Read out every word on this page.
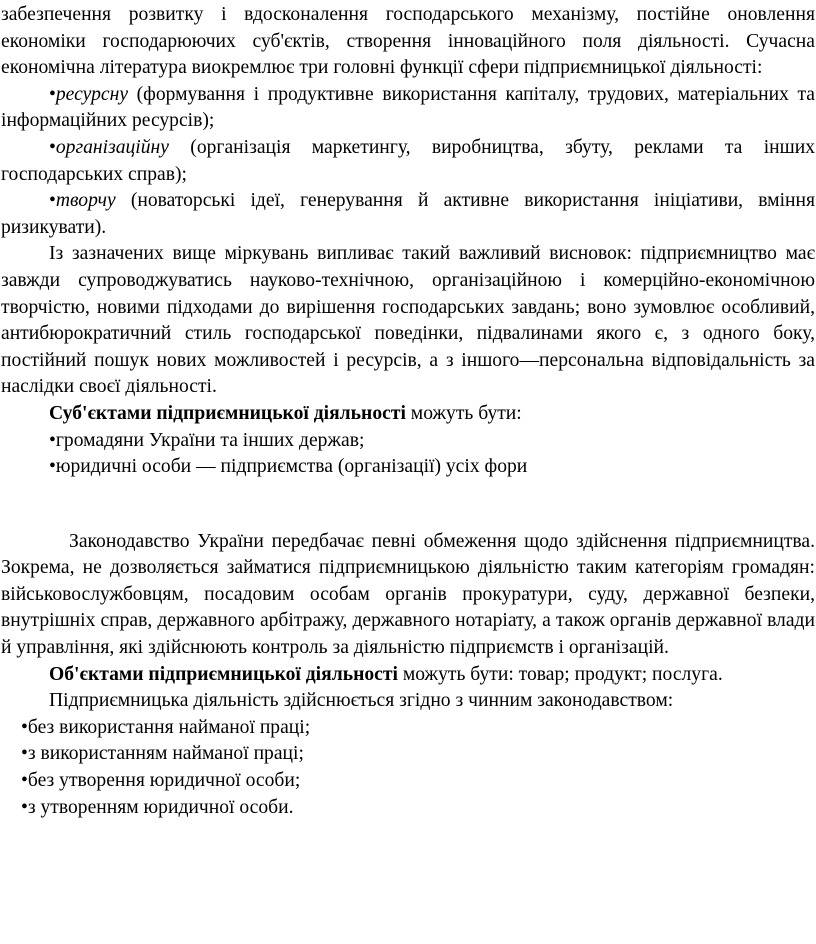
забезпечення розвитку і вдосконалення господарського механізму, постійне оновлення економіки господарюючих суб'єктів, створення інноваційного поля діяльності. Сучасна економічна література виокремлює три головні функції сфери підприємницької діяльності:

•ресурсну (формування і продуктивне використання капіталу, трудових, матеріальних та інформаційних ресурсів);

•організаційну (організація маркетингу, виробництва, збуту, реклами та інших господарських справ);

•творчу (новаторські ідеї, генерування й активне використання ініціативи, вміння ризикувати).

Із зазначених вище міркувань випливає такий важливий висновок: підприємництво має завжди супроводжуватись науково-технічною, організаційною і комерційно-економічною творчістю, новими підходами до вирішення господарських завдань; воно зумовлює особливий, антибюрократичний стиль господарської поведінки, підвалинами якого є, з одного боку, постійний пошук нових можливостей і ресурсів, а з іншого—персональна відповідальність за наслідки своєї діяльності.

Суб'єктами підприємницької діяльності можуть бути:

•громадяни України та інших держав;

•юридичні особи — підприємства (організації) усіх фори

Законодавство України передбачає певні обмеження щодо здійснення підприємництва. Зокрема, не дозволяється займатися підприємницькою діяльністю таким категоріям громадян: військовослужбовцям, посадовим особам органів прокуратури, суду, державної безпеки, внутрішніх справ, державного арбітражу, державного нотаріату, а також органів державної влади й управління, які здійснюють контроль за діяльністю підприємств і організацій.

Об'єктами підприємницької діяльності можуть бути: товар; продукт; послуга.

Підприємницька діяльність здійснюється згідно з чинним законодавством:

•без використання найманої праці;

•з використанням найманої праці;

•без утворення юридичної особи;

•з утворенням юридичної особи.
